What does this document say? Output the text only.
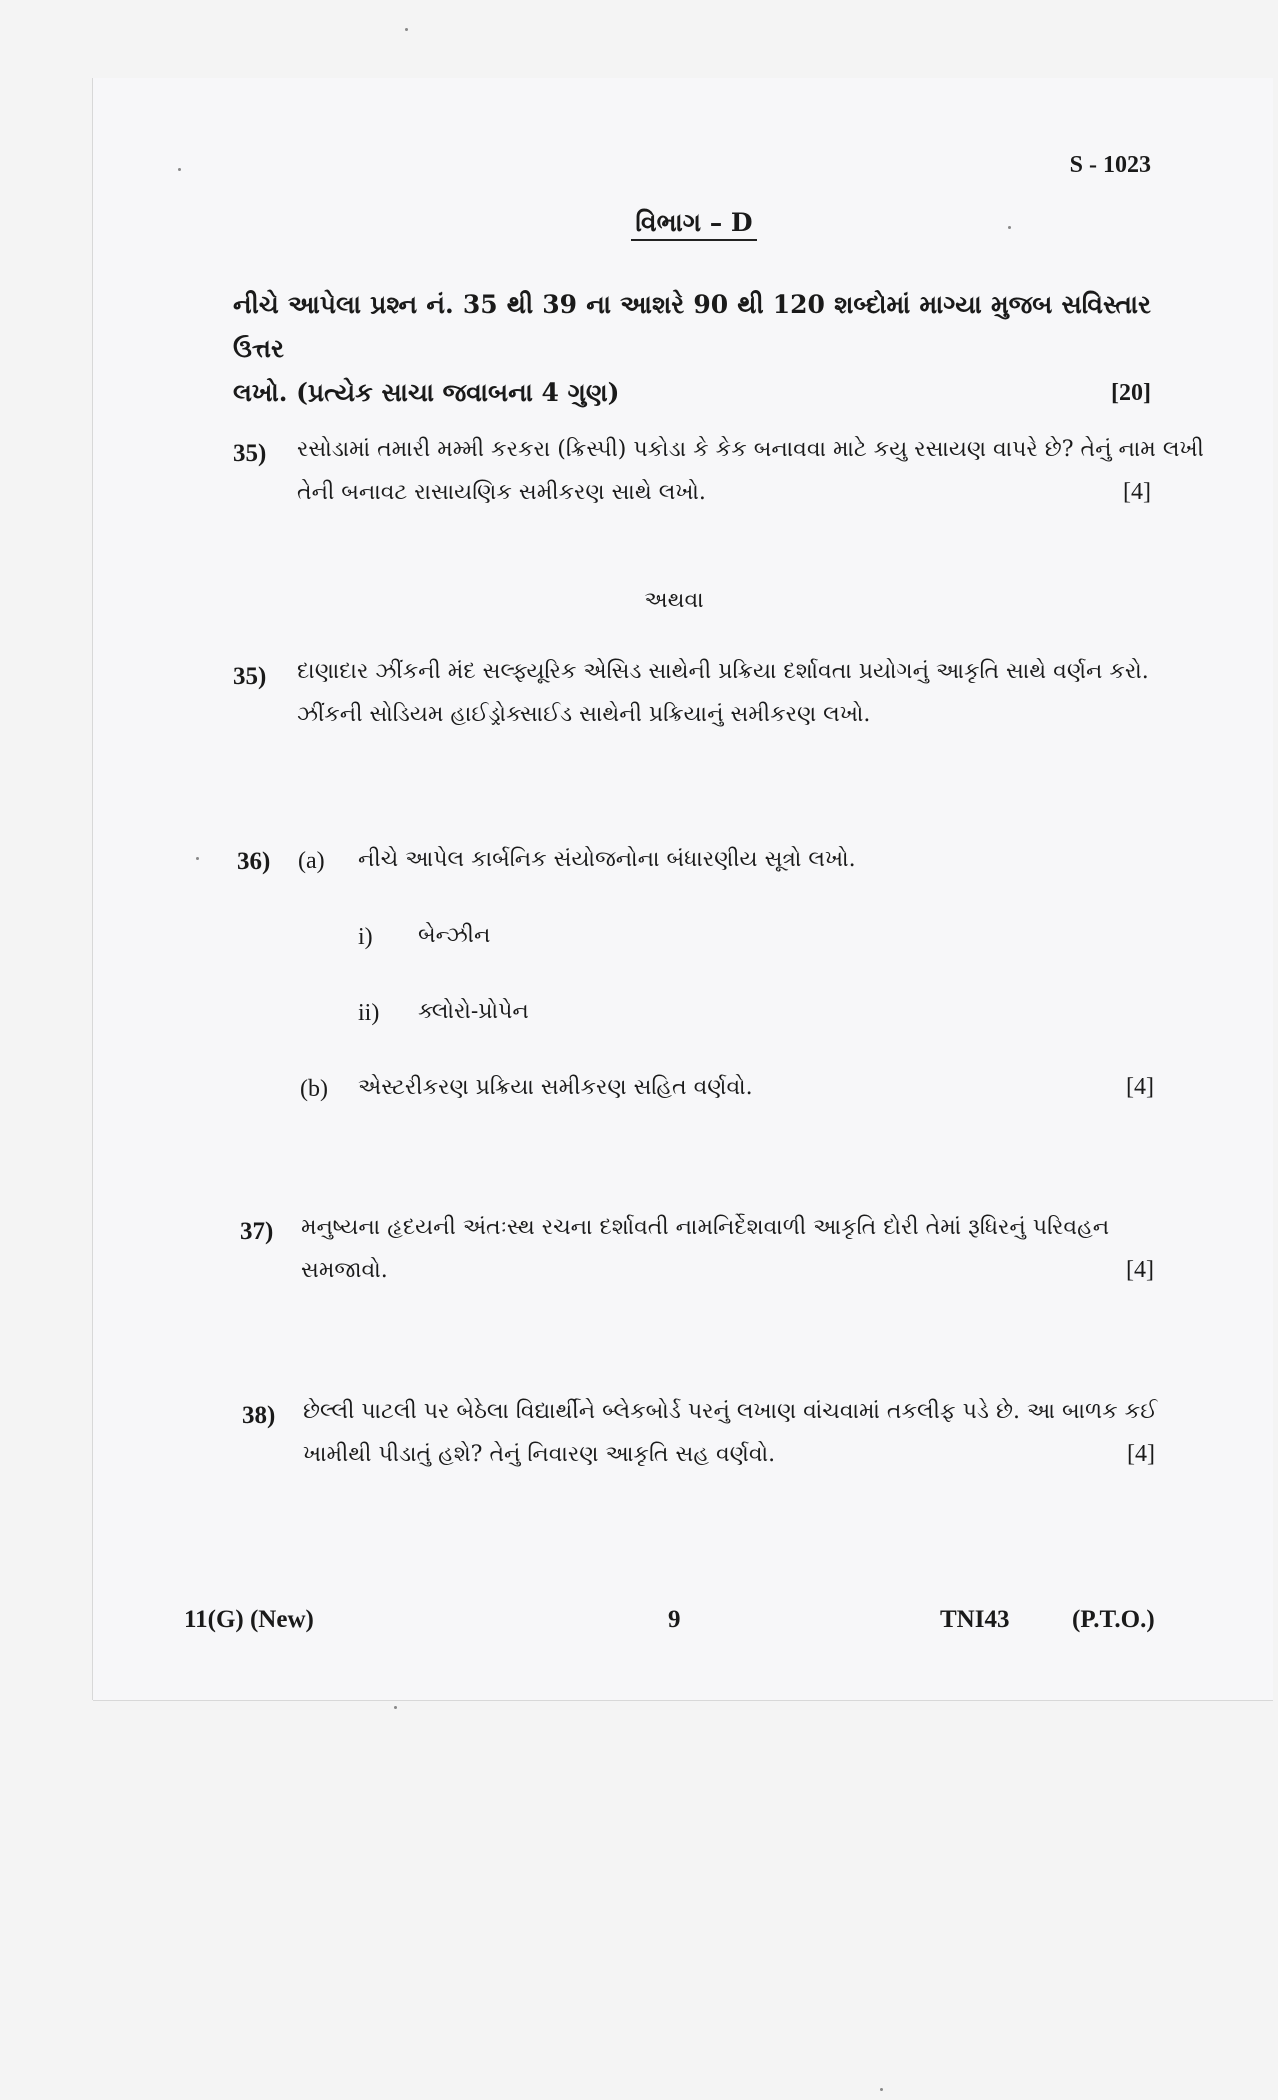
S - 1023
વિભાગ – D
નીચે આપેલા પ્રશ્ન નં. 35 થી 39 ના આશરે 90 થી 120 શબ્દોમાં માગ્યા મુજબ સવિસ્તાર ઉત્તર
લખો. (પ્રત્યેક સાચા જવાબના 4 ગુણ)	[20]
35) રસોડામાં તમારી મમ્મી કરકરા (ક્રિસ્પી) પકોડા કે કેક બનાવવા માટે કયુ રસાયણ વાપરે છે? તેનું નામ લખી
તેની બનાવટ રાસાયણિક સમીકરણ સાથે લખો.	[4]
અથવા
35) દાણાદાર ઝીંકની મંદ સલ્ફ્યૂરિક એસિડ સાથેની પ્રક્રિયા દર્શાવતા પ્રયોગનું આકૃતિ સાથે વર્ણન કરો.
ઝીંકની સોડિયમ હાઈડ્રોક્સાઈડ સાથેની પ્રક્રિયાનું સમીકરણ લખો.
36) (a) નીચે આપેલ કાર્બનિક સંયોજનોના બંધારણીય સૂત્રો લખો.
i) બેન્ઝીન
ii) ક્લોરો-પ્રોપેન
(b) એસ્ટરીકરણ પ્રક્રિયા સમીકરણ સહિત વર્ણવો.	[4]
37) મનુષ્યના હૃદયની અંતઃસ્થ રચના દર્શાવતી નામનિર્દેશવાળી આકૃતિ દોરી તેમાં રૂધિરનું પરિવહન
સમજાવો.	[4]
38) છેલ્લી પાટલી પર બેઠેલા વિદ્યાર્થીને બ્લેકબોર્ડ પરનું લખાણ વાંચવામાં તકલીફ પડે છે. આ બાળક કઈ
ખામીથી પીડાતું હશે? તેનું નિવારણ આકૃતિ સહ વર્ણવો.	[4]
11(G) (New)	9	TNI43	(P.T.O.)
